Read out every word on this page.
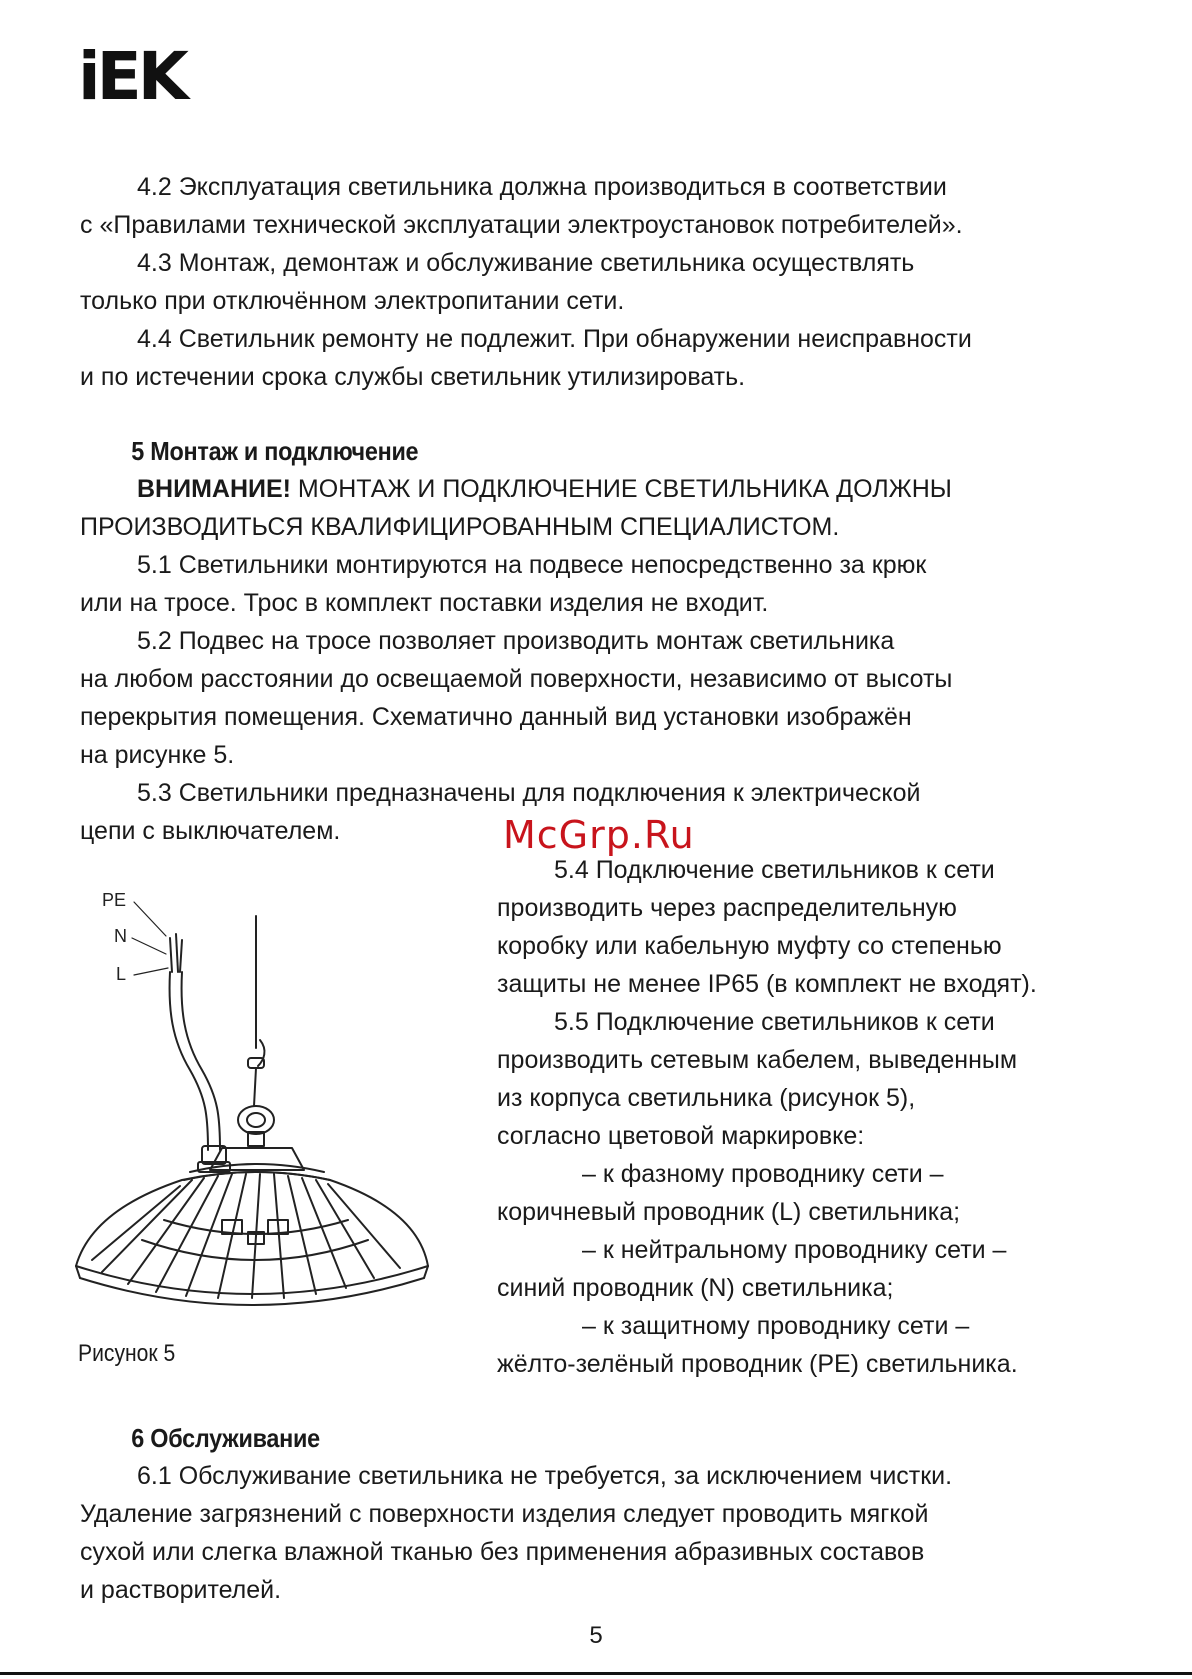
iEK
4.2 Эксплуатация светильника должна производиться в соответствии
с «Правилами технической эксплуатации электроустановок потребителей».
4.3 Монтаж, демонтаж и обслуживание светильника осуществлять
только при отключённом электропитании сети.
4.4 Светильник ремонту не подлежит. При обнаружении неисправности
и по истечении срока службы светильник утилизировать.
5 Монтаж и подключение
ВНИМАНИЕ! МОНТАЖ И ПОДКЛЮЧЕНИЕ СВЕТИЛЬНИКА ДОЛЖНЫ
ПРОИЗВОДИТЬСЯ КВАЛИФИЦИРОВАННЫМ СПЕЦИАЛИСТОМ.
5.1 Светильники монтируются на подвесе непосредственно за крюк
или на тросе. Трос в комплект поставки изделия не входит.
5.2 Подвес на тросе позволяет производить монтаж светильника
на любом расстоянии до освещаемой поверхности, независимо от высоты
перекрытия помещения. Схематично данный вид установки изображён
на рисунке 5.
5.3 Светильники предназначены для подключения к электрической
цепи с выключателем.
5.4 Подключение светильников к сети
производить через распределительную
коробку или кабельную муфту со степенью
защиты не менее IP65 (в комплект не входят).
5.5 Подключение светильников к сети
производить сетевым кабелем, выведенным
из корпуса светильника (рисунок 5),
согласно цветовой маркировке:
– к фазному проводнику сети –
коричневый проводник (L) светильника;
– к нейтральному проводнику сети –
синий проводник (N) светильника;
– к защитному проводнику сети –
жёлто-зелёный проводник (PE) светильника.
6 Обслуживание
6.1 Обслуживание светильника не требуется, за исключением чистки.
Удаление загрязнений с поверхности изделия следует проводить мягкой
сухой или слегка влажной тканью без применения абразивных составов
и растворителей.
McGrp.Ru
PE
N
L
Рисунок 5
5
